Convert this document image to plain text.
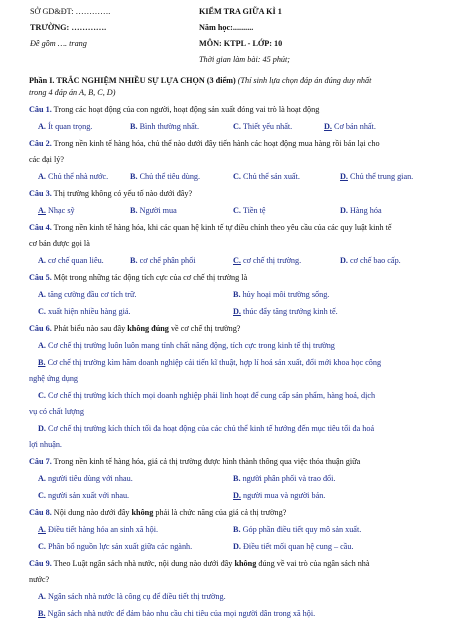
SỞ GD&ĐT: ………….
TRƯỜNG: ………….
Đề gồm …. trang
KIỂM TRA GIỮA KÌ 1
Năm học:..........
MÔN: KTPL - LỚP: 10
Thời gian làm bài: 45 phút;
Phần I. TRẮC NGHIỆM NHIỀU SỰ LỰA CHỌN (3 điểm) (Thí sinh lựa chọn đáp án đúng duy nhất
trong 4 đáp án A, B, C, D)
Câu 1. Trong các hoạt động của con người, hoạt động sản xuất đóng vai trò là hoạt động
A. Ít quan trọng.	B. Bình thường nhất.	C. Thiết yếu nhất.	D. Cơ bản nhất.
Câu 2. Trong nền kinh tế hàng hóa, chủ thể nào dưới đây tiến hành các hoạt động mua hàng rồi bán lại cho
các đại lý?
A. Chủ thể nhà nước.	B. Chủ thể tiêu dùng.	C. Chủ thể sản xuất.	D. Chủ thể trung gian.
Câu 3. Thị trường không có yếu tố nào dưới đây?
A. Nhạc sỹ	B. Người mua	C. Tiền tệ	D. Hàng hóa
Câu 4. Trong nền kinh tế hàng hóa, khi các quan hệ kinh tế tự điều chỉnh theo yêu cầu của các quy luật kinh tế
cơ bản được gọi là
A. cơ chế quan liêu.	B. cơ chế phân phối	C. cơ chế thị trường.	D. cơ chế bao cấp.
Câu 5. Một trong những tác động tích cực của cơ chế thị trường là
A. tăng cường đầu cơ tích trữ.	B. hủy hoại môi trường sống.
C. xuất hiện nhiều hàng giả.	D. thúc đẩy tăng trưởng kinh tế.
Câu 6. Phát biểu nào sau đây không đúng về cơ chế thị trường?
A. Cơ chế thị trường luôn luôn mang tính chất năng động, tích cực trong kinh tế thị trường
B. Cơ chế thị trường kìm hãm doanh nghiệp cải tiến kĩ thuật, hợp lí hoá sản xuất, đổi mới khoa học công
nghệ ứng dụng
C. Cơ chế thị trường kích thích mọi doanh nghiệp phải linh hoạt để cung cấp sản phẩm, hàng hoá, dịch
vụ có chất lượng
D. Cơ chế thị trường kích thích tối đa hoạt động của các chủ thể kinh tế hướng đến mục tiêu tối đa hoá
lợi nhuận.
Câu 7. Trong nền kinh tế hàng hóa, giá cả thị trường được hình thành thông qua việc thỏa thuận giữa
A. người tiêu dùng với nhau.	B. người phân phối và trao đổi.
C. người sản xuất với nhau.	D. người mua và người bán.
Câu 8. Nội dung nào dưới đây không phải là chức năng của giá cả thị trường?
A. Điều tiết hàng hóa an sinh xã hội.	B. Góp phần điều tiết quy mô sản xuất.
C. Phân bổ nguồn lực sản xuất giữa các ngành.	D. Điều tiết mối quan hệ cung – cầu.
Câu 9. Theo Luật ngân sách nhà nước, nội dung nào dưới đây không đúng về vai trò của ngân sách nhà
nước?
A. Ngân sách nhà nước là công cụ để điều tiết thị trường.
B. Ngân sách nhà nước để đảm bảo nhu cầu chi tiêu của mọi người dân trong xã hội.
